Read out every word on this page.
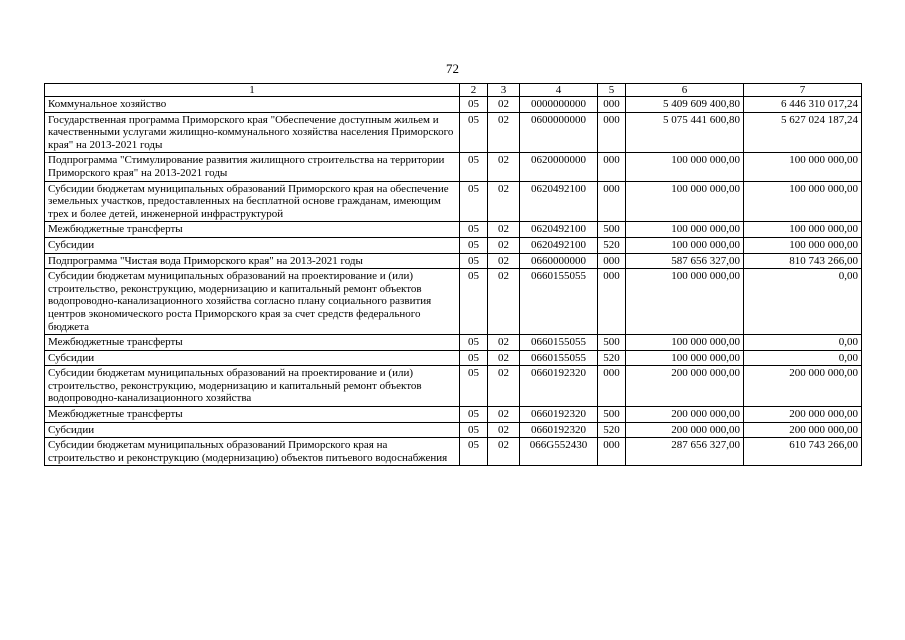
72
1	2	3	4	5	6	7
Коммунальное хозяйство	05	02	0000000000	000	5 409 609 400,80	6 446 310 017,24
Государственная программа Приморского края "Обеспечение доступным жильем и качественными услугами жилищно-коммунального хозяйства населения Приморского края" на 2013-2021 годы	05	02	0600000000	000	5 075 441 600,80	5 627 024 187,24
Подпрограмма "Стимулирование развития жилищного строительства на территории Приморского края" на 2013-2021 годы	05	02	0620000000	000	100 000 000,00	100 000 000,00
Субсидии бюджетам муниципальных образований Приморского края на обеспечение земельных участков, предоставленных на бесплатной основе гражданам, имеющим трех и более детей, инженерной инфраструктурой	05	02	0620492100	000	100 000 000,00	100 000 000,00
Межбюджетные трансферты	05	02	0620492100	500	100 000 000,00	100 000 000,00
Субсидии	05	02	0620492100	520	100 000 000,00	100 000 000,00
Подпрограмма "Чистая вода Приморского края" на 2013-2021 годы	05	02	0660000000	000	587 656 327,00	810 743 266,00
Субсидии бюджетам муниципальных образований на проектирование и (или) строительство, реконструкцию, модернизацию и капитальный ремонт объектов водопроводно-канализационного хозяйства согласно плану социального развития центров экономического роста Приморского края за счет средств федерального бюджета	05	02	0660155055	000	100 000 000,00	0,00
Межбюджетные трансферты	05	02	0660155055	500	100 000 000,00	0,00
Субсидии	05	02	0660155055	520	100 000 000,00	0,00
Субсидии бюджетам муниципальных образований на проектирование и (или) строительство, реконструкцию, модернизацию и капитальный ремонт объектов водопроводно-канализационного хозяйства	05	02	0660192320	000	200 000 000,00	200 000 000,00
Межбюджетные трансферты	05	02	0660192320	500	200 000 000,00	200 000 000,00
Субсидии	05	02	0660192320	520	200 000 000,00	200 000 000,00
Субсидии бюджетам муниципальных образований Приморского края на строительство и реконструкцию (модернизацию) объектов питьевого водоснабжения	05	02	066G552430	000	287 656 327,00	610 743 266,00
